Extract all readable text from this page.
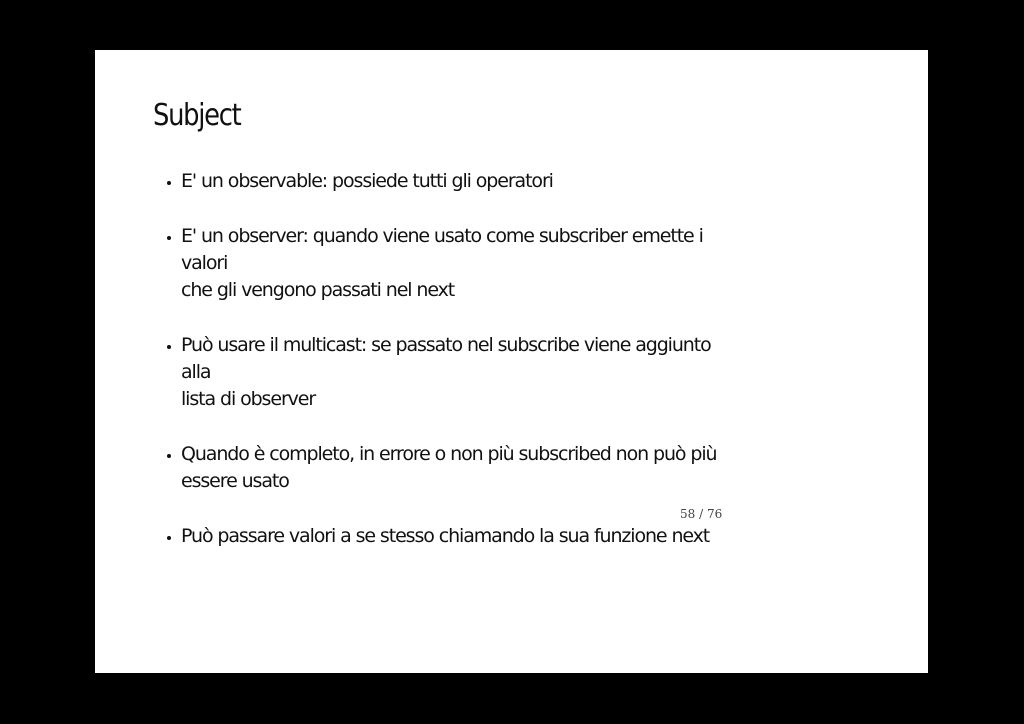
Subject
E' un observable: possiede tutti gli operatori
E' un observer: quando viene usato come subscriber emette i valori
che gli vengono passati nel next
Può usare il multicast: se passato nel subscribe viene aggiunto alla
lista di observer
Quando è completo, in errore o non più subscribed non può più
essere usato
Può passare valori a se stesso chiamando la sua funzione next
58 / 76
